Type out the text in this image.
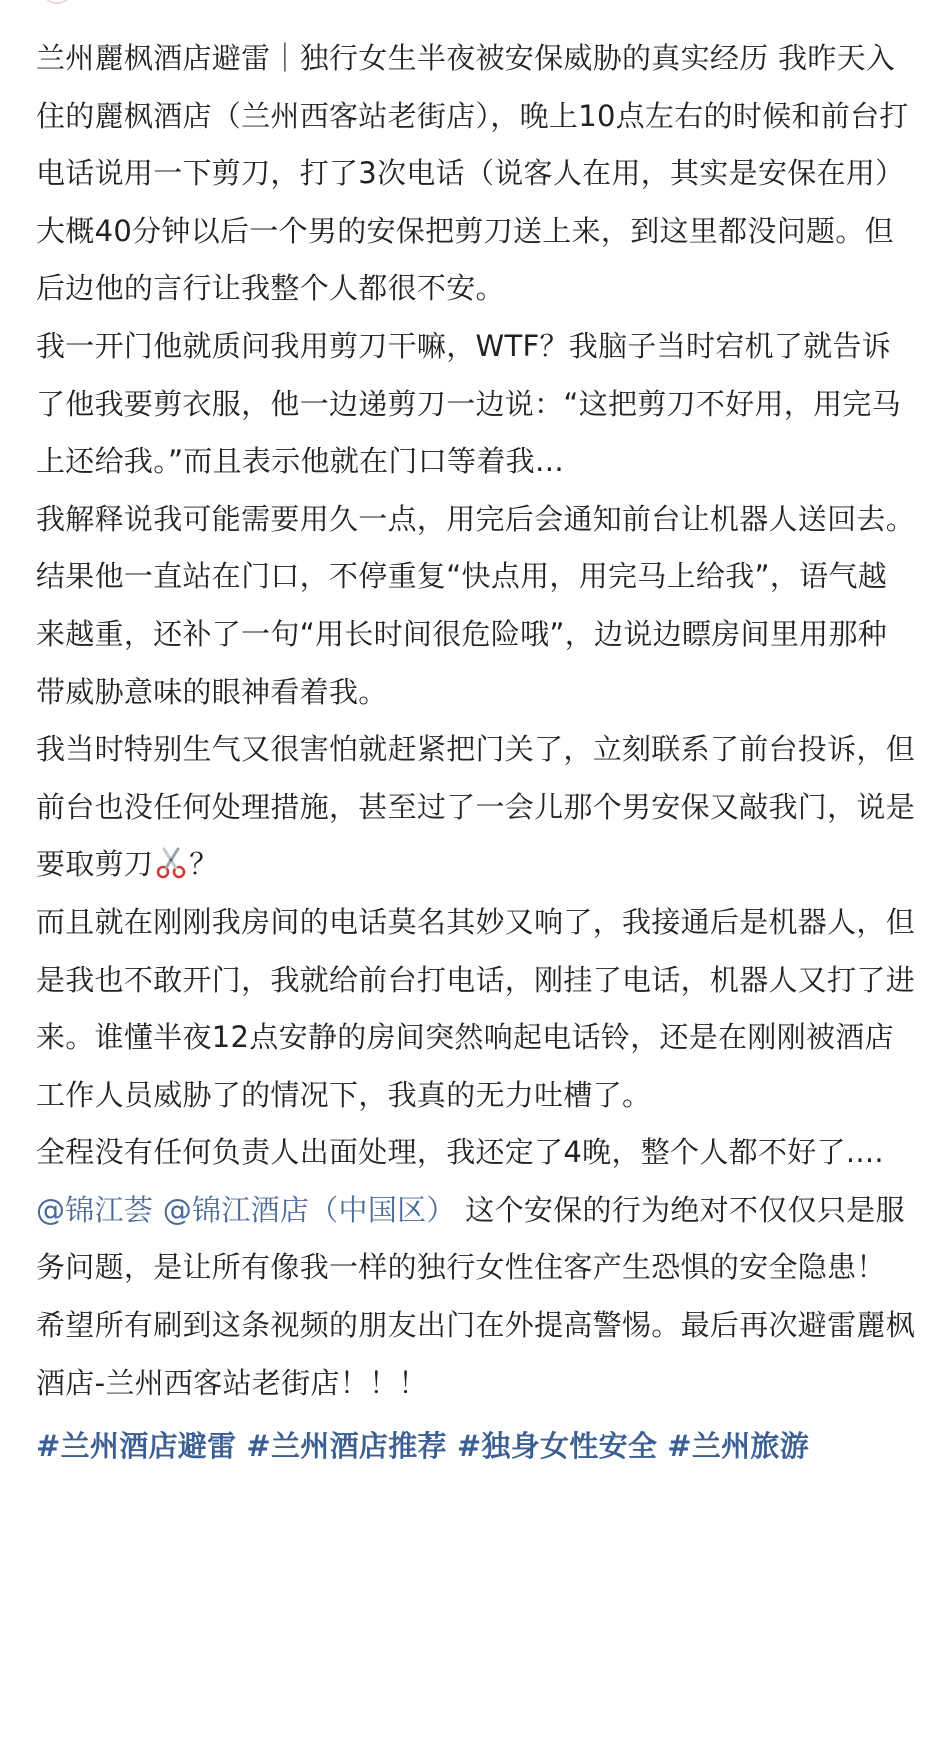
兰州麗枫酒店避雷｜独行女生半夜被安保威胁的真实经历 我昨天入住的麗枫酒店（兰州西客站老街店），晚上10点左右的时候和前台打电话说用一下剪刀，打了3次电话（说客人在用，其实是安保在用）大概40分钟以后一个男的安保把剪刀送上来，到这里都没问题。但后边他的言行让我整个人都很不安。

我一开门他就质问我用剪刀干嘛，WTF？我脑子当时宕机了就告诉了他我要剪衣服，他一边递剪刀一边说：“这把剪刀不好用，用完马上还给我。”而且表示他就在门口等着我…

我解释说我可能需要用久一点，用完后会通知前台让机器人送回去。

结果他一直站在门口，不停重复“快点用，用完马上给我”，语气越来越重，还补了一句“用长时间很危险哦”，边说边瞟房间里用那种带威胁意味的眼神看着我。

我当时特别生气又很害怕就赶紧把门关了，立刻联系了前台投诉，但前台也没任何处理措施，甚至过了一会儿那个男安保又敲我门，说是要取剪刀 ？

而且就在刚刚我房间的电话莫名其妙又响了，我接通后是机器人，但是我也不敢开门，我就给前台打电话，刚挂了电话，机器人又打了进来。谁懂半夜12点安静的房间突然响起电话铃，还是在刚刚被酒店工作人员威胁了的情况下，我真的无力吐槽了。

全程没有任何负责人出面处理，我还定了4晚，整个人都不好了....

@锦江荟 @锦江酒店（中国区） 这个安保的行为绝对不仅仅只是服务问题，是让所有像我一样的独行女性住客产生恐惧的安全隐患！

希望所有刷到这条视频的朋友出门在外提高警惕。最后再次避雷麗枫酒店-兰州西客站老街店！！！

#兰州酒店避雷 #兰州酒店推荐 #独身女性安全 #兰州旅游
